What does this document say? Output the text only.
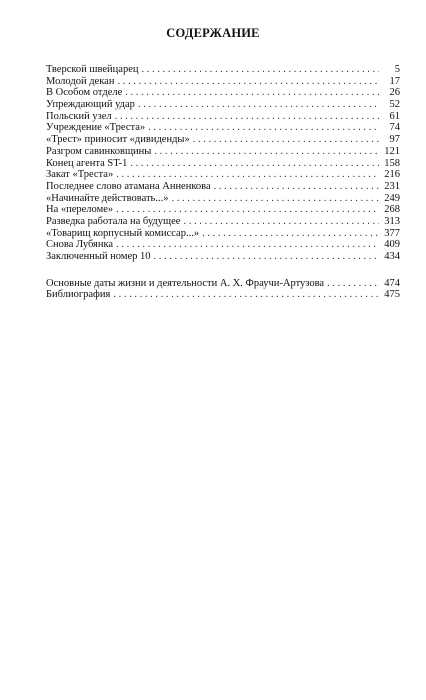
СОДЕРЖАНИЕ
Тверской швейцарец . . .	5
Молодой декан . . .	17
В Особом отделе . . .	26
Упреждающий удар . . .	52
Польский узел . . .	61
Учреждение «Треста» . . .	74
«Трест» приносит «дивиденды» . . .	97
Разгром савинковщины . . .	121
Конец агента ST-1 . . .	158
Закат «Треста» . . .	216
Последнее слово атамана Анненкова . . .	231
«Начинайте действовать...» . . .	249
На «переломе» . . .	268
Разведка работала на будущее . . .	313
«Товарищ корпусный комиссар...» . . .	377
Снова Лубянка . . .	409
Заключенный номер 10 . . .	434
Основные даты жизни и деятельности А. Х. Фраучи-Артузова . . .	474
Библиография . . .	475
